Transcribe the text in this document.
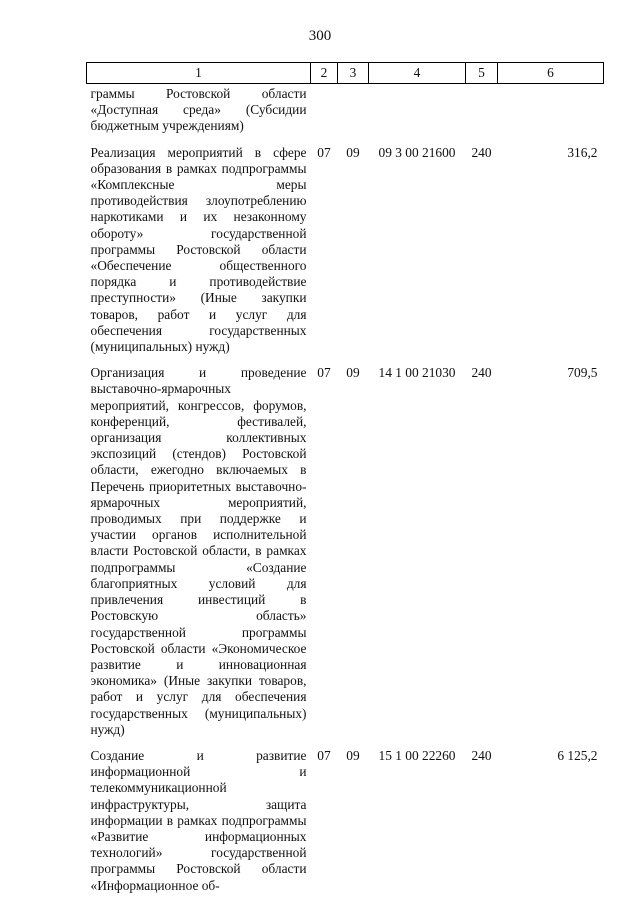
300
1	2	3	4	5	6
граммы Ростовской области «Доступная среда» (Субсидии бюджетным учреждениям)					
Реализация мероприятий в сфере образования в рамках подпрограммы «Комплексные меры противодействия злоупотреблению наркотиками и их незаконному обороту» государственной программы Ростовской области «Обеспечение общественного порядка и противодействие преступности» (Иные закупки товаров, работ и услуг для обеспечения государственных (муниципальных) нужд)	07	09	09 3 00 21600	240	316,2
Организация и проведение выставочно-ярмарочных мероприятий, конгрессов, форумов, конференций, фестивалей, организация коллективных экспозиций (стендов) Ростовской области, ежегодно включаемых в Перечень приоритетных выставочно-ярмарочных мероприятий, проводимых при поддержке и участии органов исполнительной власти Ростовской области, в рамках подпрограммы «Создание благоприятных условий для привлечения инвестиций в Ростовскую область» государственной программы Ростовской области «Экономическое развитие и инновационная экономика» (Иные закупки товаров, работ и услуг для обеспечения государственных (муниципальных) нужд)	07	09	14 1 00 21030	240	709,5
Создание и развитие информационной и телекоммуникационной инфраструктуры, защита информации в рамках подпрограммы «Развитие информационных технологий» государственной программы Ростовской области «Информационное об-	07	09	15 1 00 22260	240	6 125,2
